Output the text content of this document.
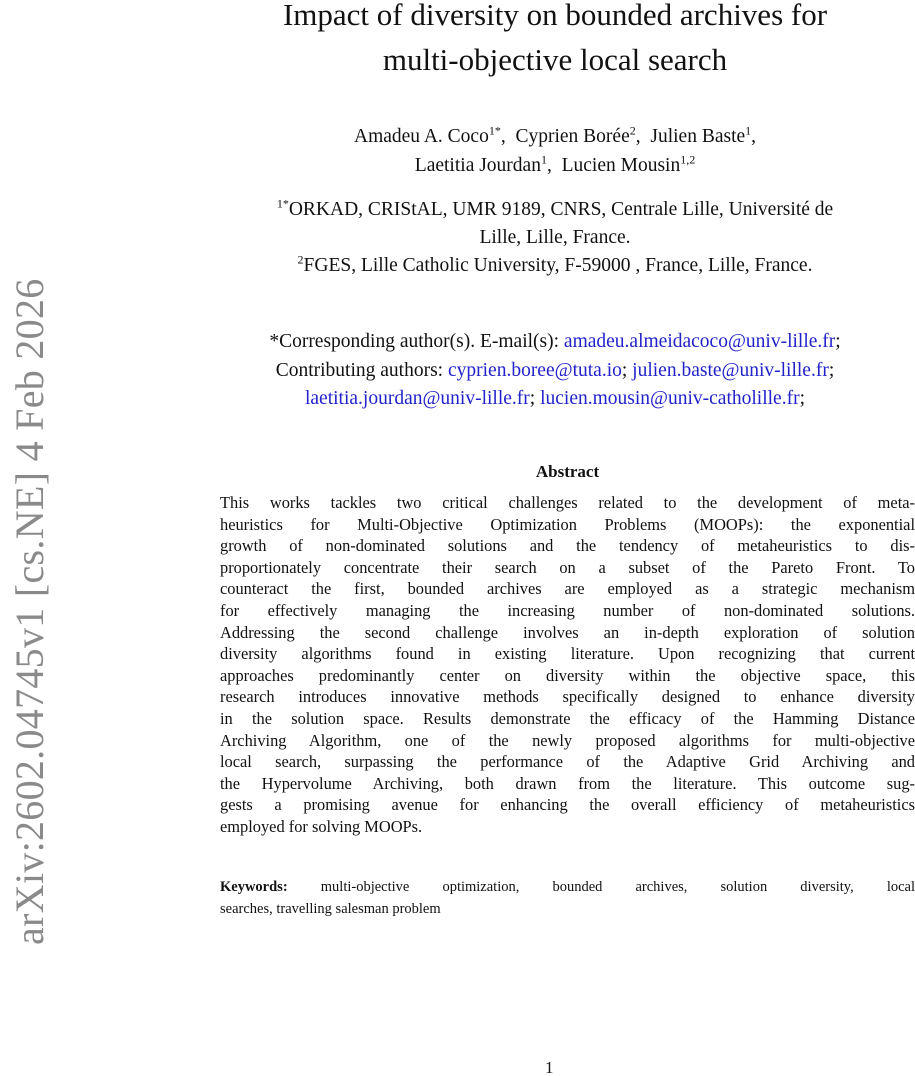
arXiv:2602.04745v1 [cs.NE] 4 Feb 2026
Impact of diversity on bounded archives for
multi-objective local search
Amadeu A. Coco$^{1*}$,  Cyprien Borée$^2$,  Julien Baste$^1$,
Laetitia Jourdan$^1$,  Lucien Mousin$^{1,2}$
$^{1*}$ORKAD, CRIStAL, UMR 9189, CNRS, Centrale Lille, Université de
Lille, Lille, France.
$^2$FGES, Lille Catholic University, F-59000 , France, Lille, France.
*Corresponding author(s). E-mail(s): amadeu.almeidacoco@univ-lille.fr;
Contributing authors: cyprien.boree@tuta.io; julien.baste@univ-lille.fr;
laetitia.jourdan@univ-lille.fr; lucien.mousin@univ-catholille.fr;
Abstract
This works tackles two critical challenges related to the development of meta-
heuristics for Multi-Objective Optimization Problems (MOOPs): the exponential
growth of non-dominated solutions and the tendency of metaheuristics to dis-
proportionately concentrate their search on a subset of the Pareto Front. To
counteract the first, bounded archives are employed as a strategic mechanism
for effectively managing the increasing number of non-dominated solutions.
Addressing the second challenge involves an in-depth exploration of solution
diversity algorithms found in existing literature. Upon recognizing that current
approaches predominantly center on diversity within the objective space, this
research introduces innovative methods specifically designed to enhance diversity
in the solution space. Results demonstrate the efficacy of the Hamming Distance
Archiving Algorithm, one of the newly proposed algorithms for multi-objective
local search, surpassing the performance of the Adaptive Grid Archiving and
the Hypervolume Archiving, both drawn from the literature. This outcome sug-
gests a promising avenue for enhancing the overall efficiency of metaheuristics
employed for solving MOOPs.
Keywords: multi-objective optimization, bounded archives, solution diversity, local
searches, travelling salesman problem
1
